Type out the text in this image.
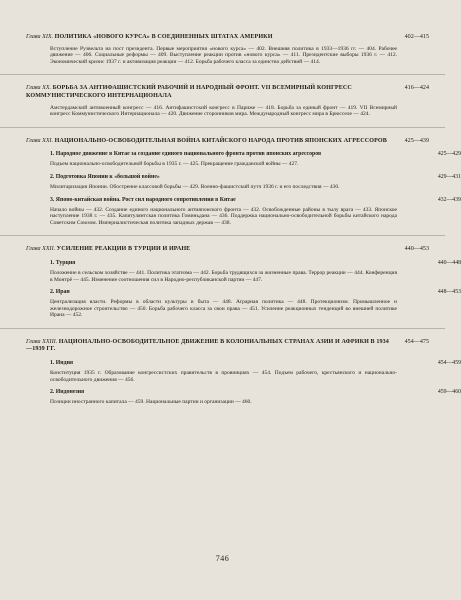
Глава XIX. ПОЛИТИКА «НОВОГО КУРСА» В СОЕДИНЕННЫХ ШТАТАХ АМЕРИКИ	402—415
Вступление Рузвельта на пост президента. Первые мероприятия «нового курса» — 402. Внешняя политика в 1933—1936 гг. — 404. Рабочее движение — 406. Социальные реформы — 409. Выступление реакции против «нового курса» — 411. Президентские выборы 1936 г. — 412. Экономический кризис 1937 г. и активизация реакции — 412. Борьба рабочего класса за единство действий — 414.
Глава XX. БОРЬБА ЗА АНТИФАШИСТСКИЙ РАБОЧИЙ И НАРОДНЫЙ ФРОНТ. VII ВСЕМИРНЫЙ КОНГРЕСС КОММУНИСТИЧЕСКОГО ИНТЕРНАЦИОНАЛА
416—424
Амстердамский антивоенный конгресс — 416. Антифашистский конгресс в Париже — 418. Борьба за единый фронт — 419. VII Всемирный конгресс Коммунистического Интернационала — 420. Движение сторонников мира. Международный конгресс мира в Брюсселе — 424.
Глава XXI. НАЦИОНАЛЬНО-ОСВОБОДИТЕЛЬНАЯ ВОЙНА КИТАЙСКОГО НАРОДА ПРОТИВ ЯПОНСКИХ АГРЕССОРОВ	425—439
1. Народное движение в Китае за создание единого национального фронта против японских агрессоров	425—429
Подъем национально-освободительной борьбы в 1935 г. — 425. Прекращение гражданской войны — 427.
2. Подготовка Японии к «большой войне»	429—431
Милитаризация Японии. Обострение классовой борьбы — 429. Военно-фашистский путч 1936 г. и его последствия — 430.
3. Японо-китайская война. Рост сил народного сопротивления в Китае	432—439
Начало войны — 432. Создание единого национального антияпонского фронта — 432. Освобожденные районы в тылу врага — 433. Японское наступление 1938 г. — 435. Капитулянтская политика Гоминьдана — 436. Поддержка национально-освободительной борьбы китайского народа Советским Союзом. Империалистическая политика западных держав — 438.
Глава XXII. УСИЛЕНИЕ РЕАКЦИИ В ТУРЦИИ И ИРАНЕ	440—453
1. Турция	440—448
Положение в сельском хозяйстве — 441. Политика этатизма — 442. Борьба трудящихся за жизненные права. Террор реакции — 444. Конференция в Монтрё — 445. Изменение соотношения сил в Народно-республиканской партии — 447.
2. Иран	448—453
Централизация власти. Реформы в области культуры и быта — 448. Аграрная политика — 448. Протекционизм. Промышленное и железнодорожное строительство — 450. Борьба рабочего класса за свои права — 451. Усиление реакционных тенденций во внешней политике Ирана — 452.
Глава XXIII. НАЦИОНАЛЬНО-ОСВОБОДИТЕЛЬНОЕ ДВИЖЕНИЕ В КОЛОНИАЛЬНЫХ СТРАНАХ АЗИИ И АФРИКИ В 1934—1939 ГГ.
454—475
1. Индия	454—459
Конституция 1935 г. Образование конгрессистских правительств в провинциях — 454. Подъем рабочего, крестьянского и национально-освободительного движения — 456.
2. Индонезия	459—460
Позиции иностранного капитала — 459. Национальные партии и организации — 460.
746
